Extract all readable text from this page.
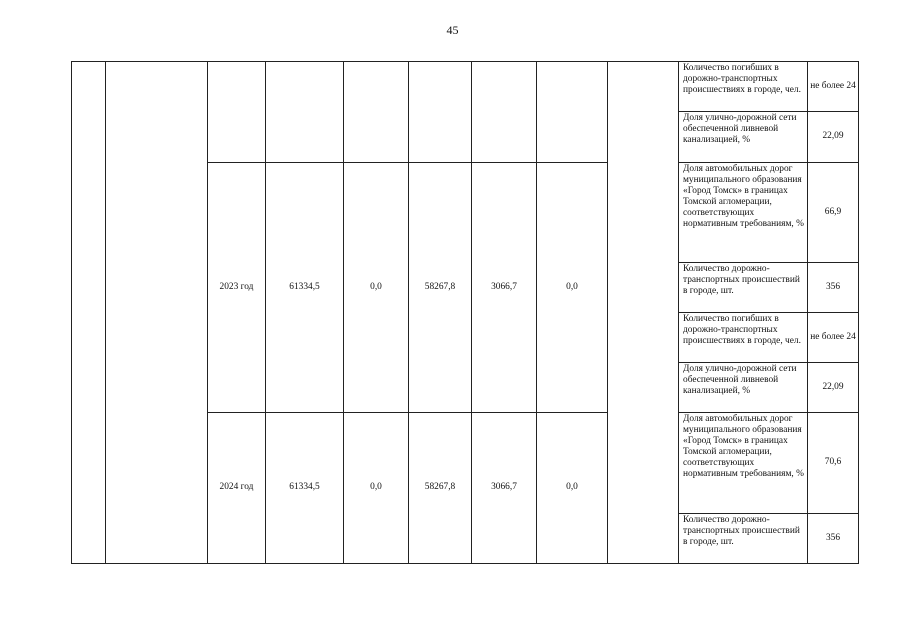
45
									Количество погибших в дорожно-транспортных происшествиях в городе, чел.	не более 24
									Доля улично-дорожной сети обеспеченной ливневой канализацией, %	22,09
		2023 год	61334,5	0,0	58267,8	3066,7	0,0		Доля автомобильных дорог муниципального образования «Город Томск» в границах Томской агломерации, соответствующих нормативным требованиям, %	66,9
									Количество дорожно-транспортных происшествий в городе, шт.	356
									Количество погибших в дорожно-транспортных происшествиях в городе, чел.	не более 24
									Доля улично-дорожной сети обеспеченной ливневой канализацией, %	22,09
		2024 год	61334,5	0,0	58267,8	3066,7	0,0		Доля автомобильных дорог муниципального образования «Город Томск» в границах Томской агломерации, соответствующих нормативным требованиям, %	70,6
									Количество дорожно-транспортных происшествий в городе, шт.	356
